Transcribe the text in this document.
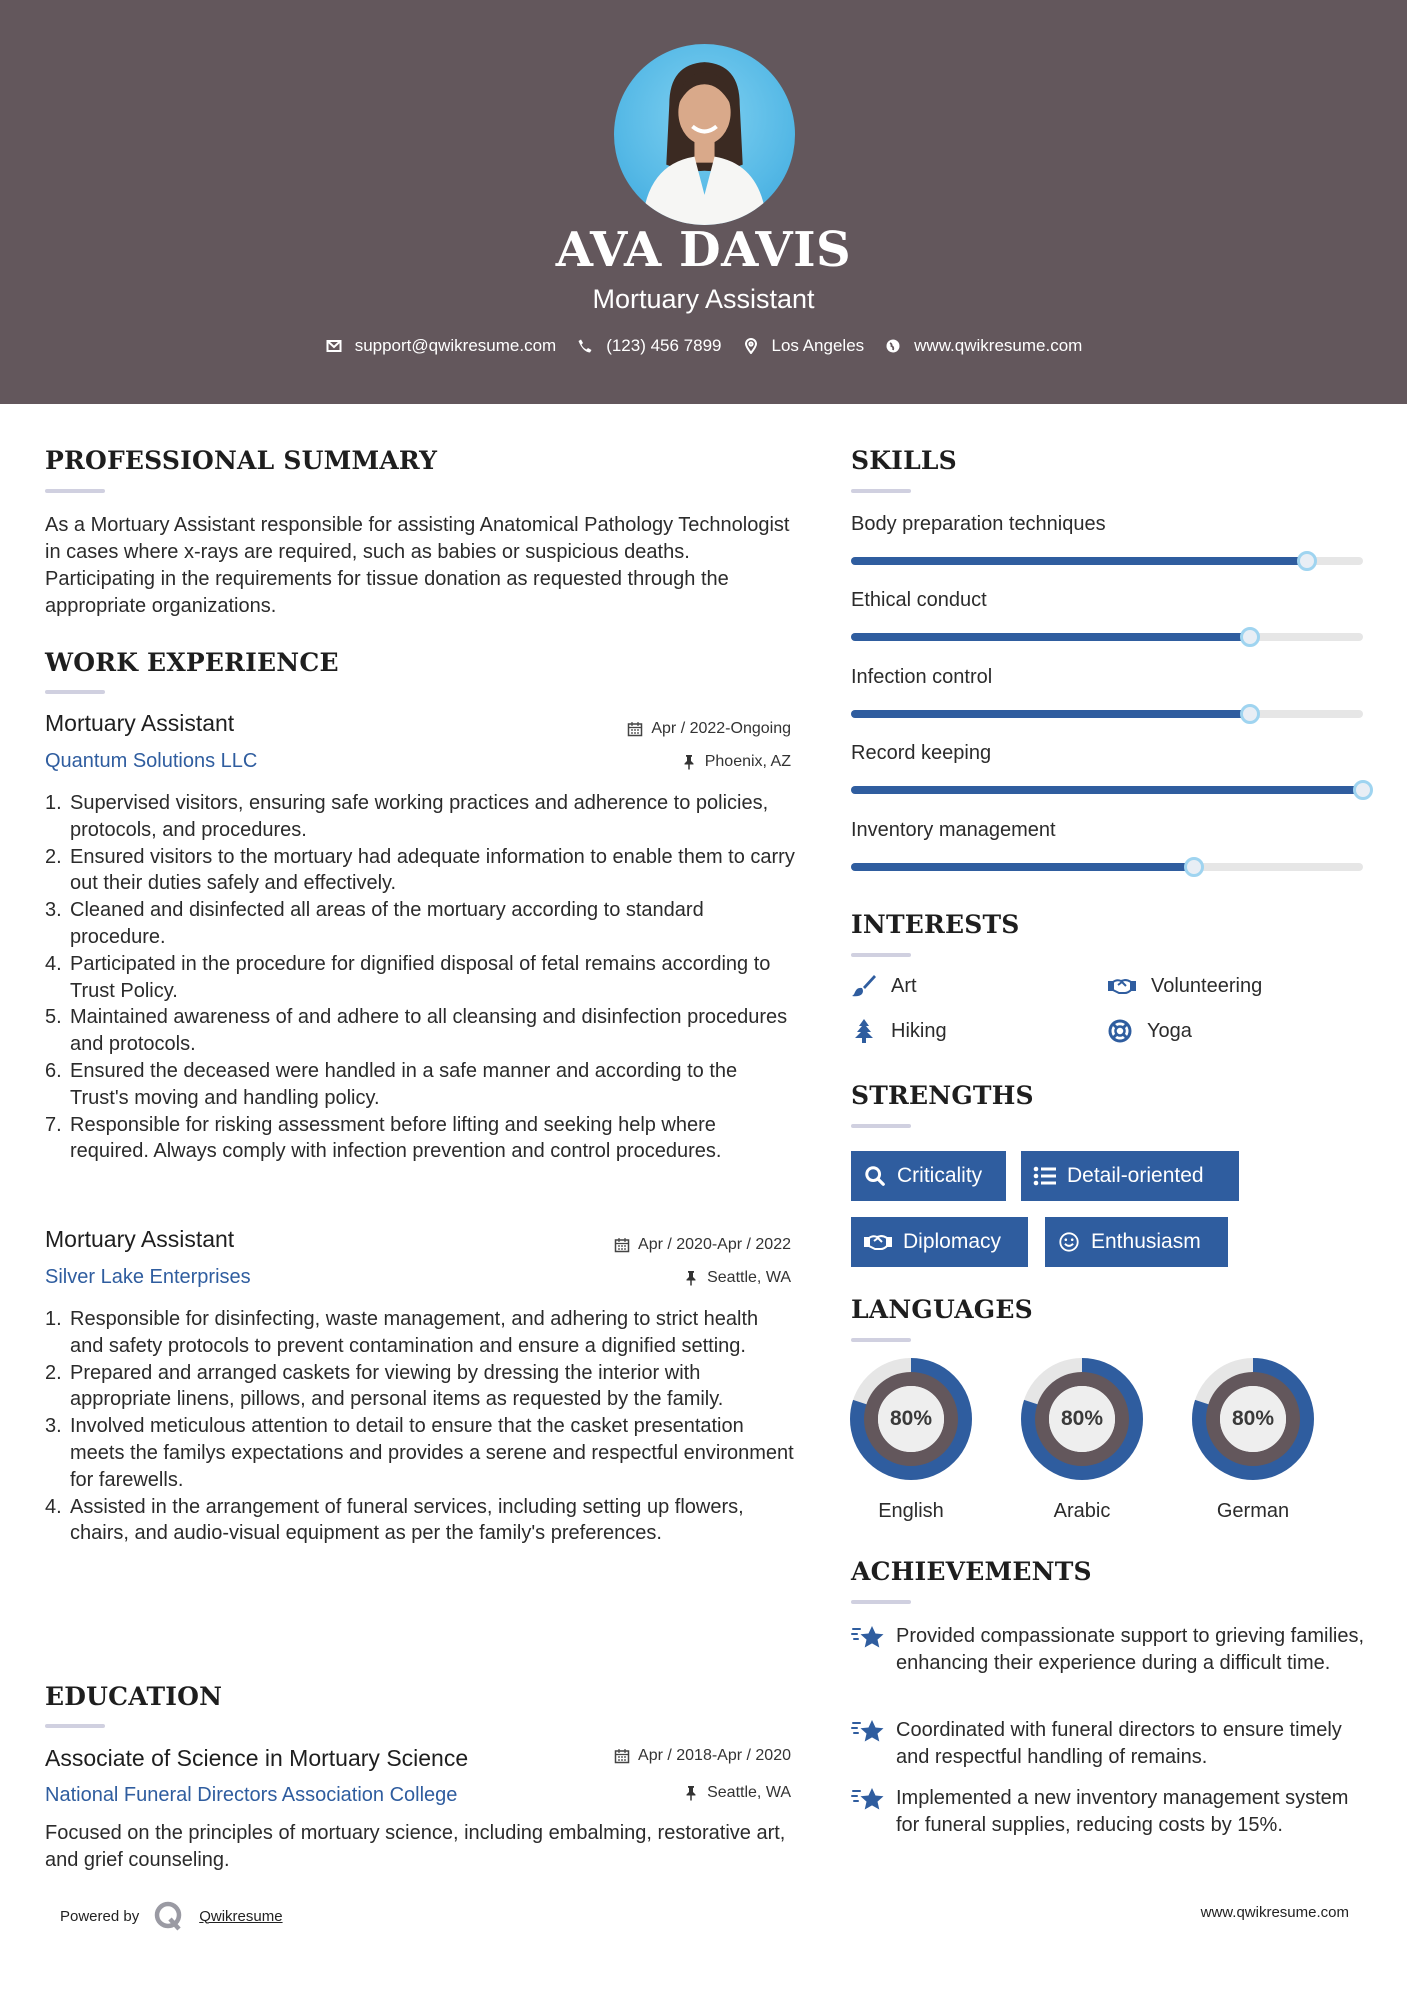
AVA DAVIS
Mortuary Assistant
support@qwikresume.com	(123) 456 7899	Los Angeles	www.qwikresume.com
PROFESSIONAL SUMMARY
As a Mortuary Assistant responsible for assisting Anatomical Pathology Technologist in cases where x-rays are required, such as babies or suspicious deaths. Participating in the requirements for tissue donation as requested through the appropriate organizations.
WORK EXPERIENCE
Mortuary Assistant	Apr / 2022-Ongoing
Quantum Solutions LLC	Phoenix, AZ
1. Supervised visitors, ensuring safe working practices and adherence to policies, protocols, and procedures.
2. Ensured visitors to the mortuary had adequate information to enable them to carry out their duties safely and effectively.
3. Cleaned and disinfected all areas of the mortuary according to standard procedure.
4. Participated in the procedure for dignified disposal of fetal remains according to Trust Policy.
5. Maintained awareness of and adhere to all cleansing and disinfection procedures and protocols.
6. Ensured the deceased were handled in a safe manner and according to the Trust's moving and handling policy.
7. Responsible for risking assessment before lifting and seeking help where required. Always comply with infection prevention and control procedures.
Mortuary Assistant	Apr / 2020-Apr / 2022
Silver Lake Enterprises	Seattle, WA
1. Responsible for disinfecting, waste management, and adhering to strict health and safety protocols to prevent contamination and ensure a dignified setting.
2. Prepared and arranged caskets for viewing by dressing the interior with appropriate linens, pillows, and personal items as requested by the family.
3. Involved meticulous attention to detail to ensure that the casket presentation meets the familys expectations and provides a serene and respectful environment for farewells.
4. Assisted in the arrangement of funeral services, including setting up flowers, chairs, and audio-visual equipment as per the family's preferences.
EDUCATION
Associate of Science in Mortuary Science	Apr / 2018-Apr / 2020
National Funeral Directors Association College	Seattle, WA
Focused on the principles of mortuary science, including embalming, restorative art, and grief counseling.
SKILLS
Body preparation techniques
Ethical conduct
Infection control
Record keeping
Inventory management
INTERESTS
Art	Volunteering
Hiking	Yoga
STRENGTHS
Criticality	Detail-oriented
Diplomacy	Enthusiasm
LANGUAGES
80%
English
80%
Arabic
80%
German
ACHIEVEMENTS
Provided compassionate support to grieving families, enhancing their experience during a difficult time.
Coordinated with funeral directors to ensure timely and respectful handling of remains.
Implemented a new inventory management system for funeral supplies, reducing costs by 15%.
Powered by	Qwikresume	www.qwikresume.com
